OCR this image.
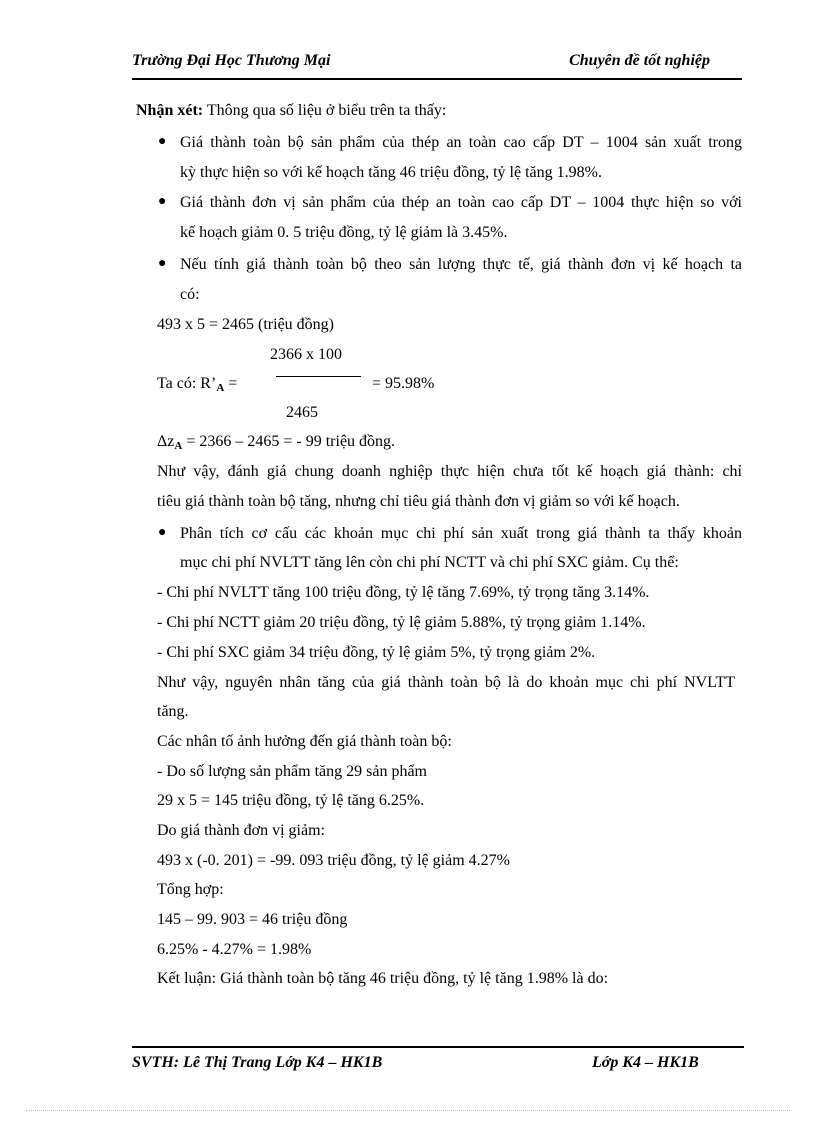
Trường Đại Học Thương Mại	Chuyên đề tốt nghiệp
Nhận xét: Thông qua số liệu ở biểu trên ta thấy:
● Giá thành toàn bộ sản phẩm của thép an toàn cao cấp DT – 1004 sản xuất trong
kỳ thực hiện so với kế hoạch tăng 46 triệu đồng, tỷ lệ tăng 1.98%.
● Giá thành đơn vị sản phẩm của thép an toàn cao cấp DT – 1004 thực hiện so với
kế hoạch giảm 0. 5 triệu đồng, tỷ lệ giảm là 3.45%.
● Nếu tính giá thành toàn bộ theo sản lượng thực tế, giá thành đơn vị kế hoạch ta
có:
493 x 5 = 2465 (triệu đồng)
2366 x 100
Ta có: $R’_A$ =	= 95.98%
2465
$\Delta z_A = 2366 - 2465$ = - 99 triệu đồng.
Như vậy, đánh giá chung doanh nghiệp thực hiện chưa tốt kế hoạch giá thành: chỉ
tiêu giá thành toàn bộ tăng, nhưng chỉ tiêu giá thành đơn vị giảm so với kế hoạch.
● Phân tích cơ cấu các khoản mục chi phí sản xuất trong giá thành ta thấy khoản
mục chi phí NVLTT tăng lên còn chi phí NCTT và chi phí SXC giảm. Cụ thể:
- Chi phí NVLTT tăng 100 triệu đồng, tỷ lệ tăng 7.69%, tỷ trọng tăng 3.14%.
- Chi phí NCTT giảm 20 triệu đồng, tỷ lệ giảm 5.88%, tỷ trọng giảm 1.14%.
- Chi phí SXC giảm 34 triệu đồng, tỷ lệ giảm 5%, tỷ trọng giảm 2%.
Như vậy, nguyên nhân tăng của giá thành toàn bộ là do khoản mục chi phí NVLTT
tăng.
Các nhân tố ảnh hưởng đến giá thành toàn bộ:
- Do số lượng sản phẩm tăng 29 sản phẩm
29 x 5 = 145 triệu đồng, tỷ lệ tăng 6.25%.
Do giá thành đơn vị giảm:
493 x (-0. 201) = -99. 093 triệu đồng, tỷ lệ giảm 4.27%
Tổng hợp:
145 – 99. 903 = 46 triệu đồng
6.25% - 4.27% = 1.98%
Kết luận: Giá thành toàn bộ tăng 46 triệu đồng, tỷ lệ tăng 1.98% là do:
SVTH: Lê Thị Trang Lớp K4 – HK1B	Lớp K4 – HK1B
